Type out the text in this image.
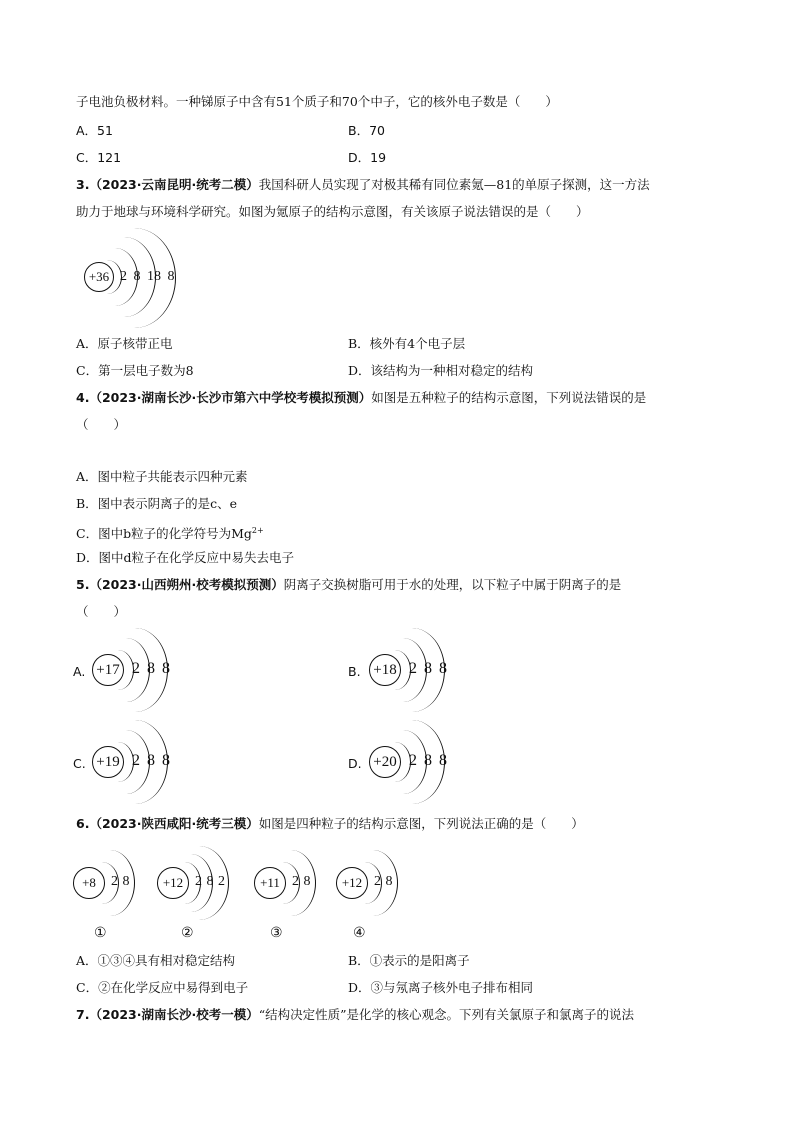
子电池负极材料。一种锑原子中含有51个质子和70个中子，它的核外电子数是（　　）
A．51	B．70
C．121	D．19
3.（2023·云南昆明·统考二模）我国科研人员实现了对极其稀有同位素氪—81的单原子探测，这一方法
助力于地球与环境科学研究。如图为氪原子的结构示意图，有关该原子说法错误的是（　　）
+36 2 8 18 8
A．原子核带正电	B．核外有4个电子层
C．第一层电子数为8	D．该结构为一种相对稳定的结构
4.（2023·湖南长沙·长沙市第六中学校考模拟预测）如图是五种粒子的结构示意图，下列说法错误的是
（　　）
A．图中粒子共能表示四种元素
B．图中表示阴离子的是c、e
C．图中b粒子的化学符号为$Mg^{2+}$
D．图中d粒子在化学反应中易失去电子
5.（2023·山西朔州·校考模拟预测）阴离子交换树脂可用于水的处理，以下粒子中属于阴离子的是
（　　）
A. +17 2 8 8	B. +18 2 8 8
C. +19 2 8 8	D. +20 2 8 8
6.（2023·陕西咸阳·统考三模）如图是四种粒子的结构示意图，下列说法正确的是（　　）
+8	2 8
①
+12 2 8 2
②
+11 2 8
③
+12 2 8
④
A．①③④具有相对稳定结构	B．①表示的是阳离子
C．②在化学反应中易得到电子	D．③与氖离子核外电子排布相同
7.（2023·湖南长沙·校考一模）“结构决定性质”是化学的核心观念。下列有关氯原子和氯离子的说法
